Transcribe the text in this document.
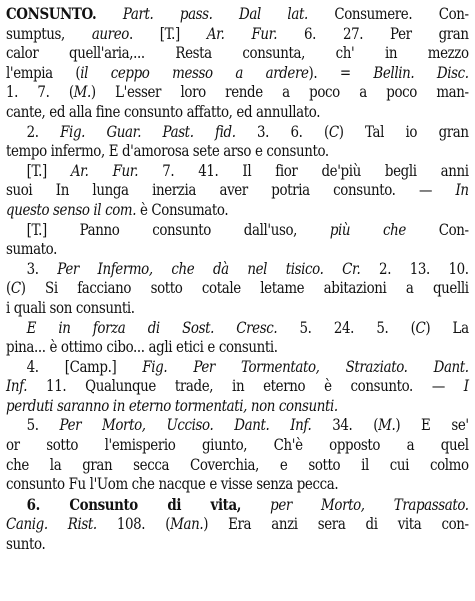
CONSUNTO. Part. pass. Dal lat. Consumere. Con-
sumptus, aureo. [T.] Ar. Fur. 6. 27. Per gran
calor quell'aria,... Resta consunta, ch' in mezzo
l'empia (il ceppo messo a ardere). = Bellin. Disc.
1. 7. (M.) L'esser loro rende a poco a poco man-
cante, ed alla fine consunto affatto, ed annullato.
2. Fig. Guar. Past. fid. 3. 6. (C) Tal io gran
tempo infermo, E d'amorosa sete arso e consunto.
[T.] Ar. Fur. 7. 41. Il fior de'più begli anni
suoi In lunga inerzia aver potria consunto. — In
questo senso il com. è Consumato.
[T.] Panno consunto dall'uso, più che Con-
sumato.
3. Per Infermo, che dà nel tisico. Cr. 2. 13. 10.
(C) Si facciano sotto cotale letame abitazioni a quelli
i quali son consunti.
E in forza di Sost. Cresc. 5. 24. 5. (C) La
pina... è ottimo cibo... agli etici e consunti.
4. [Camp.] Fig. Per Tormentato, Straziato. Dant.
Inf. 11. Qualunque trade, in eterno è consunto. — I
perduti saranno in eterno tormentati, non consunti.
5. Per Morto, Ucciso. Dant. Inf. 34. (M.) E se'
or sotto l'emisperio giunto, Ch'è opposto a quel
che la gran secca Coverchia, e sotto il cui colmo
consunto Fu l'Uom che nacque e visse senza pecca.
6. Consunto di vita, per Morto, Trapassato.
Canig. Rist. 108. (Man.) Era anzi sera di vita con-
sunto.
